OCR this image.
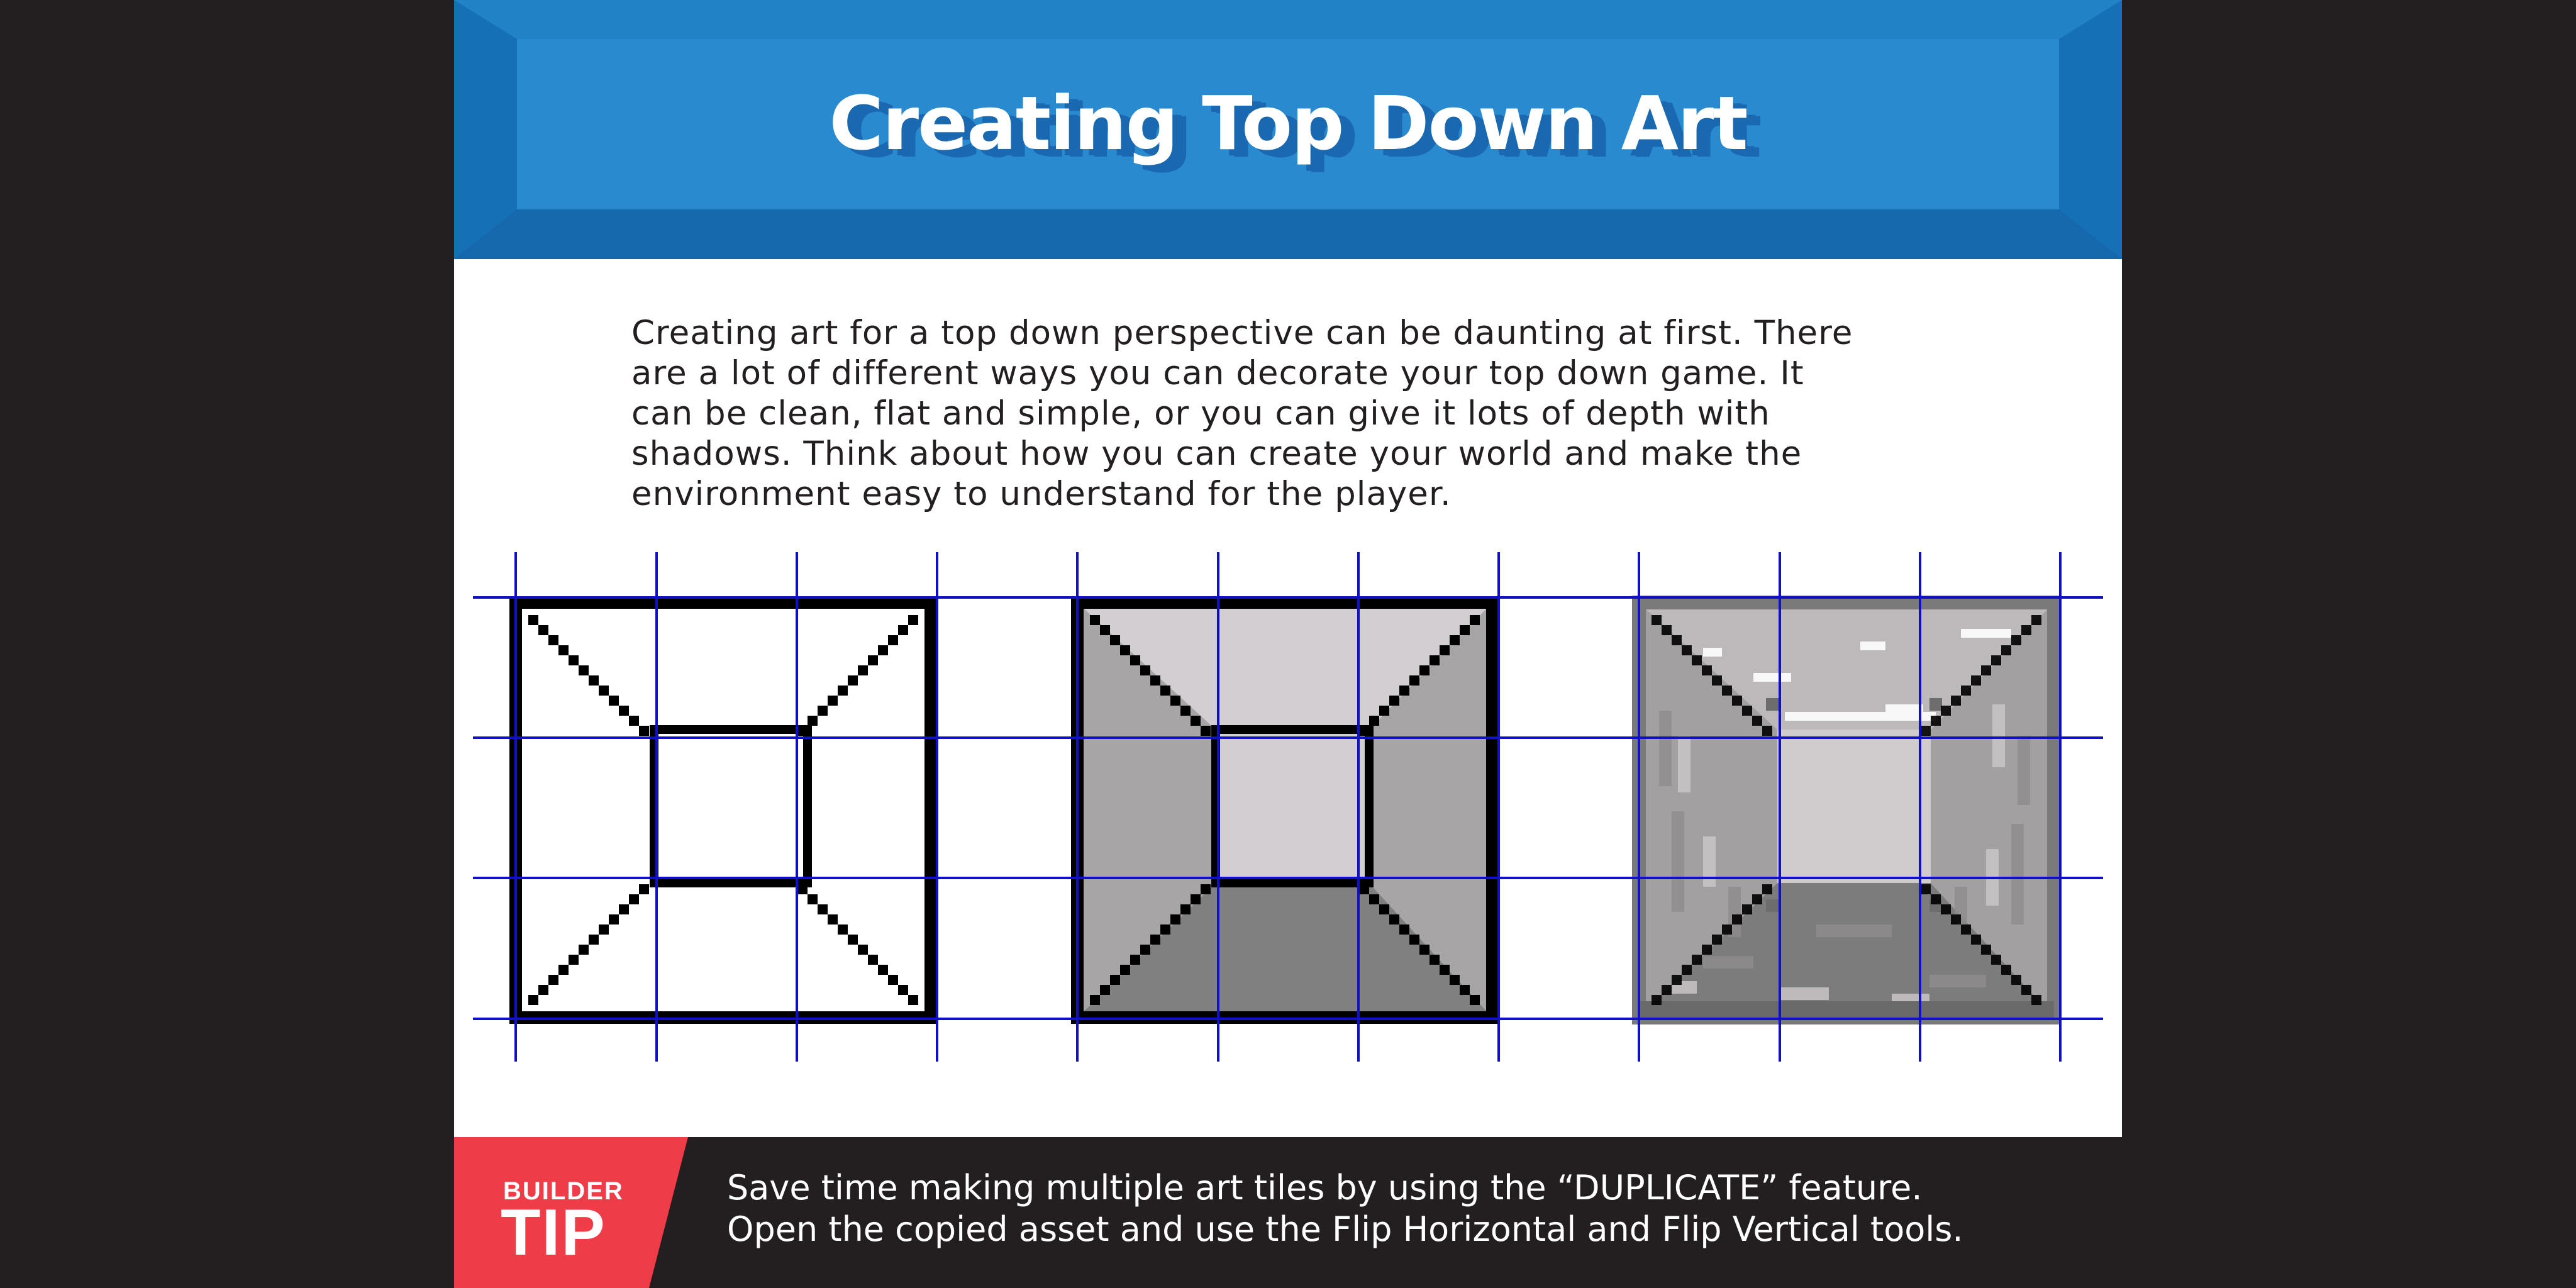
Creating Top Down Art
Creating art for a top down perspective can be daunting at first. There
are a lot of different ways you can decorate your top down game. It
can be clean, flat and simple, or you can give it lots of depth with
shadows. Think about how you can create your world and make the
environment easy to understand for the player.
BUILDER
TIP
Save time making multiple art tiles by using the “DUPLICATE” feature.
Open the copied asset and use the Flip Horizontal and Flip Vertical tools.
